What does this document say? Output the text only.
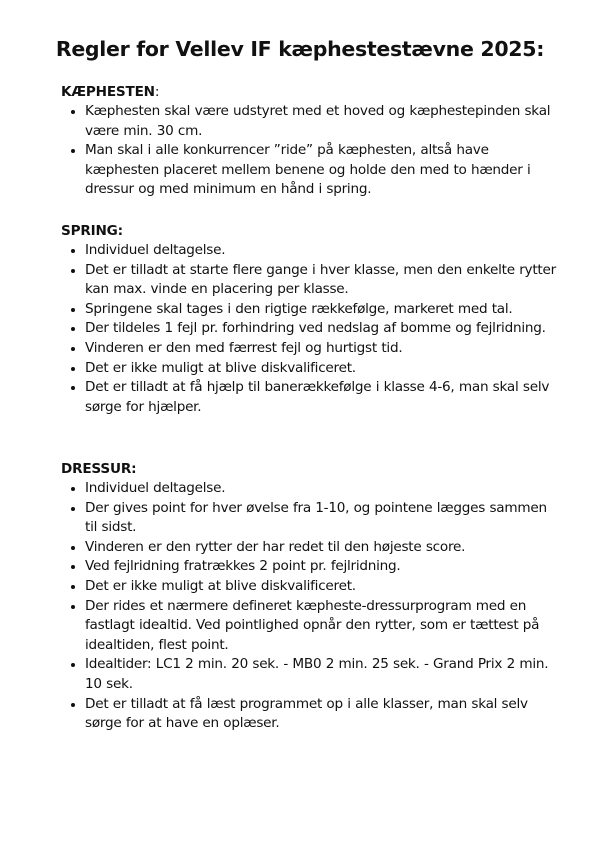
Regler for Vellev IF kæphestestævne 2025:

KÆPHESTEN:

Kæphesten skal være udstyret med et hoved og kæphestepinden skal være min. 30 cm.
Man skal i alle konkurrencer ”ride” på kæphesten, altså have kæphesten placeret mellem benene og holde den med to hænder i dressur og med minimum en hånd i spring.

SPRING:

Individuel deltagelse.
Det er tilladt at starte flere gange i hver klasse, men den enkelte rytter kan max. vinde en placering per klasse.
Springene skal tages i den rigtige rækkefølge, markeret med tal.
Der tildeles 1 fejl pr. forhindring ved nedslag af bomme og fejlridning.
Vinderen er den med færrest fejl og hurtigst tid.
Det er ikke muligt at blive diskvalificeret.
Det er tilladt at få hjælp til banerækkefølge i klasse 4-6, man skal selv sørge for hjælper.

DRESSUR:

Individuel deltagelse.
Der gives point for hver øvelse fra 1-10, og pointene lægges sammen til sidst.
Vinderen er den rytter der har redet til den højeste score.
Ved fejlridning fratrækkes 2 point pr. fejlridning.
Det er ikke muligt at blive diskvalificeret.
Der rides et nærmere defineret kæpheste-dressurprogram med en fastlagt idealtid. Ved pointlighed opnår den rytter, som er tættest på idealtiden, flest point.
Idealtider: LC1 2 min. 20 sek. - MB0 2 min. 25 sek. - Grand Prix 2 min. 10 sek.
Det er tilladt at få læst programmet op i alle klasser, man skal selv sørge for at have en oplæser.
